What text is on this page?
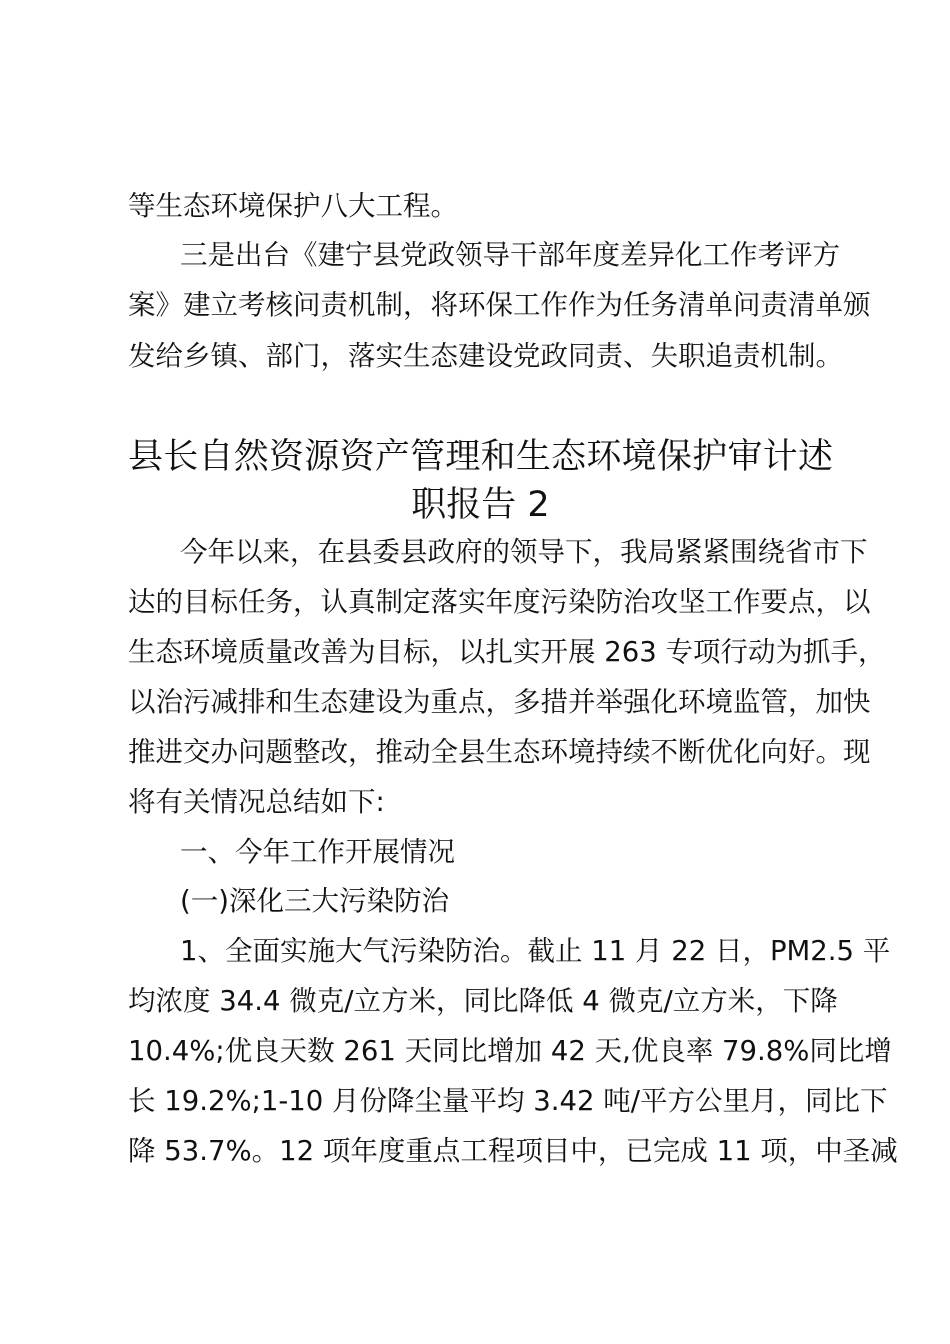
等生态环境保护八大工程。
三是出台《建宁县党政领导干部年度差异化工作考评方
案》建立考核问责机制，将环保工作作为任务清单问责清单颁
发给乡镇、部门，落实生态建设党政同责、失职追责机制。
县长自然资源资产管理和生态环境保护审计述
职报告 2
今年以来，在县委县政府的领导下，我局紧紧围绕省市下
达的目标任务，认真制定落实年度污染防治攻坚工作要点，以
生态环境质量改善为目标，以扎实开展 263 专项行动为抓手，
以治污减排和生态建设为重点，多措并举强化环境监管，加快
推进交办问题整改，推动全县生态环境持续不断优化向好。现
将有关情况总结如下:
一、今年工作开展情况
(一)深化三大污染防治
1、全面实施大气污染防治。截止 11 月 22 日，PM2.5 平
均浓度 34.4 微克/立方米，同比降低 4 微克/立方米，下降
10.4%;优良天数 261 天同比增加 42 天,优良率 79.8%同比增
长 19.2%;1-10 月份降尘量平均 3.42 吨/平方公里月，同比下
降 53.7%。12 项年度重点工程项目中，已完成 11 项，中圣减
